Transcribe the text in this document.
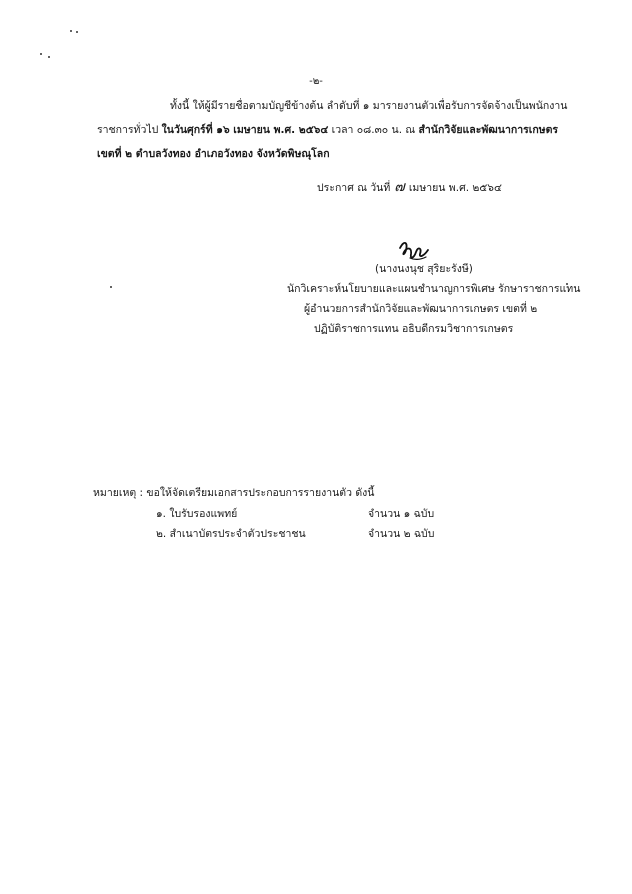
-๒-
ทั้งนี้ ให้ผู้มีรายชื่อตามบัญชีข้างต้น ลำดับที่ ๑ มารายงานตัวเพื่อรับการจัดจ้างเป็นพนักงาน
ราชการทั่วไป ในวันศุกร์ที่ ๑๖ เมษายน พ.ศ. ๒๕๖๔ เวลา ๐๘.๓๐ น. ณ สำนักวิจัยและพัฒนาการเกษตร
เขตที่ ๒ ตำบลวังทอง อำเภอวังทอง จังหวัดพิษณุโลก
ประกาศ ณ วันที่ ๗ เมษายน พ.ศ. ๒๕๖๔
(นางนงนุช สุริยะรังษี)
นักวิเคราะห์นโยบายและแผนชำนาญการพิเศษ รักษาราชการแทน
ผู้อำนวยการสำนักวิจัยและพัฒนาการเกษตร เขตที่ ๒
ปฏิบัติราชการแทน อธิบดีกรมวิชาการเกษตร
หมายเหตุ : ขอให้จัดเตรียมเอกสารประกอบการรายงานตัว ดังนี้
๑. ใบรับรองแพทย์	จำนวน ๑ ฉบับ
๒. สำเนาบัตรประจำตัวประชาชน	จำนวน ๒ ฉบับ
